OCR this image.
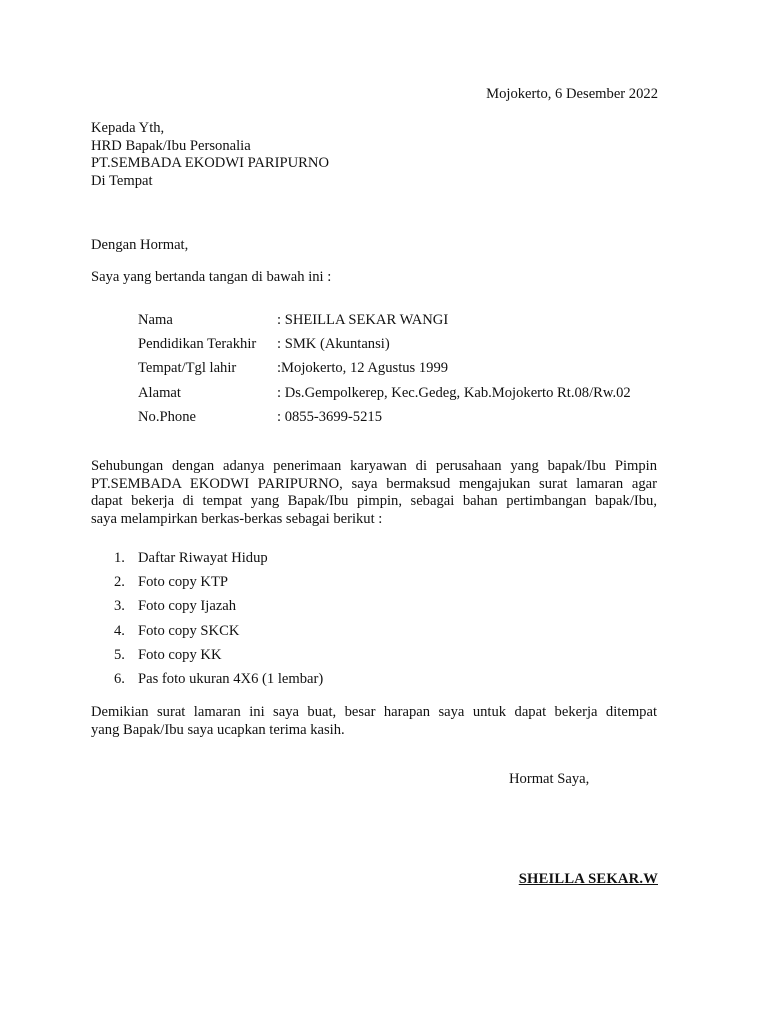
Mojokerto, 6 Desember 2022
Kepada Yth,
HRD Bapak/Ibu Personalia
PT.SEMBADA EKODWI PARIPURNO
Di Tempat
Dengan Hormat,
Saya yang bertanda tangan di bawah ini :
Nama	: SHEILLA SEKAR WANGI
Pendidikan Terakhir	: SMK (Akuntansi)
Tempat/Tgl lahir	:Mojokerto, 12 Agustus 1999
Alamat	: Ds.Gempolkerep, Kec.Gedeg, Kab.Mojokerto Rt.08/Rw.02
No.Phone	: 0855-3699-5215
Sehubungan dengan adanya penerimaan karyawan di perusahaan yang bapak/Ibu Pimpin
PT.SEMBADA EKODWI PARIPURNO, saya bermaksud mengajukan surat lamaran agar
dapat bekerja di tempat yang Bapak/Ibu pimpin, sebagai bahan pertimbangan bapak/Ibu,
saya melampirkan berkas-berkas sebagai berikut :
1. Daftar Riwayat Hidup
2. Foto copy KTP
3. Foto copy Ijazah
4. Foto copy SKCK
5. Foto copy KK
6. Pas foto ukuran 4X6 (1 lembar)
Demikian surat lamaran ini saya buat, besar harapan saya untuk dapat bekerja ditempat
yang Bapak/Ibu saya ucapkan terima kasih.
Hormat Saya,
SHEILLA SEKAR.W
